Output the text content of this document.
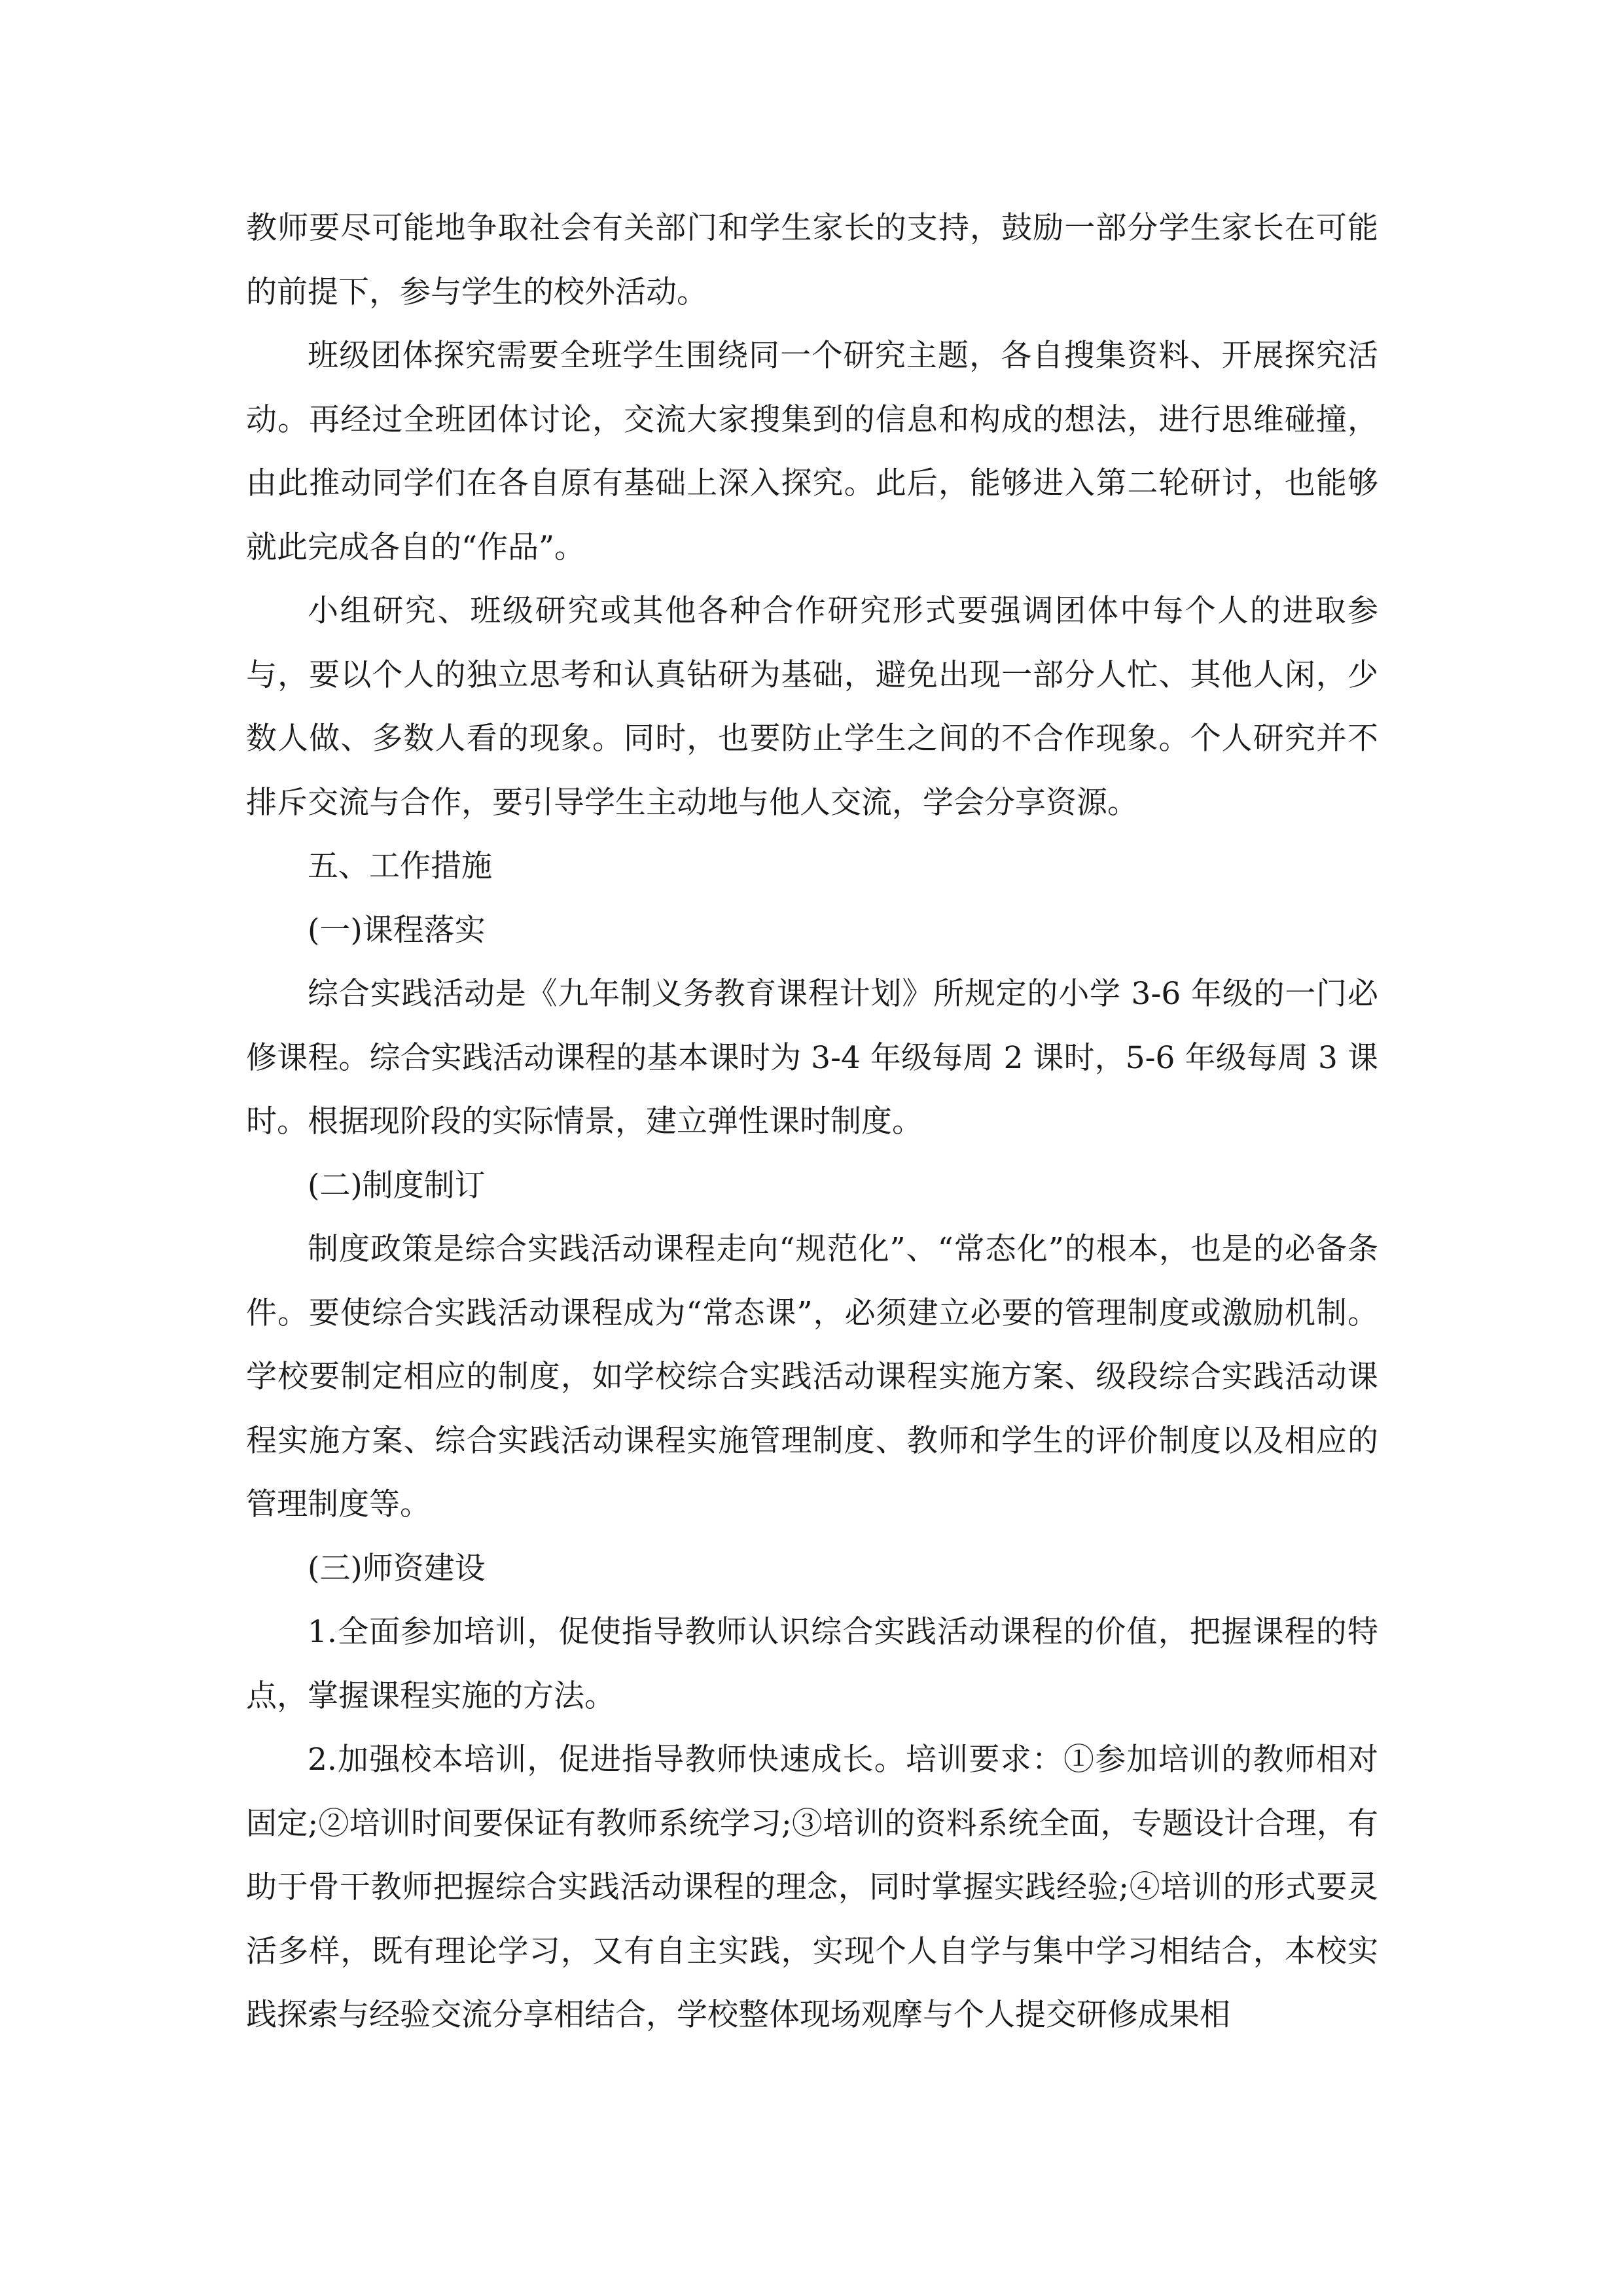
教师要尽可能地争取社会有关部门和学生家长的支持，鼓励一部分学生家长在可能的前提下，参与学生的校外活动。

班级团体探究需要全班学生围绕同一个研究主题，各自搜集资料、开展探究活动。再经过全班团体讨论，交流大家搜集到的信息和构成的想法，进行思维碰撞，由此推动同学们在各自原有基础上深入探究。此后，能够进入第二轮研讨，也能够就此完成各自的“作品”。

小组研究、班级研究或其他各种合作研究形式要强调团体中每个人的进取参与，要以个人的独立思考和认真钻研为基础，避免出现一部分人忙、其他人闲，少数人做、多数人看的现象。同时，也要防止学生之间的不合作现象。个人研究并不排斥交流与合作，要引导学生主动地与他人交流，学会分享资源。

五、工作措施

(一)课程落实

综合实践活动是《九年制义务教育课程计划》所规定的小学 3-6 年级的一门必修课程。综合实践活动课程的基本课时为 3-4 年级每周 2 课时，5-6 年级每周 3 课时。根据现阶段的实际情景，建立弹性课时制度。

(二)制度制订

制度政策是综合实践活动课程走向“规范化”、“常态化”的根本，也是的必备条件。要使综合实践活动课程成为“常态课”，必须建立必要的管理制度或激励机制。学校要制定相应的制度，如学校综合实践活动课程实施方案、级段综合实践活动课程实施方案、综合实践活动课程实施管理制度、教师和学生的评价制度以及相应的管理制度等。

(三)师资建设

1.全面参加培训，促使指导教师认识综合实践活动课程的价值，把握课程的特点，掌握课程实施的方法。

2.加强校本培训，促进指导教师快速成长。培训要求：①参加培训的教师相对固定;②培训时间要保证有教师系统学习;③培训的资料系统全面，专题设计合理，有助于骨干教师把握综合实践活动课程的理念，同时掌握实践经验;④培训的形式要灵活多样，既有理论学习，又有自主实践，实现个人自学与集中学习相结合，本校实践探索与经验交流分享相结合，学校整体现场观摩与个人提交研修成果相
